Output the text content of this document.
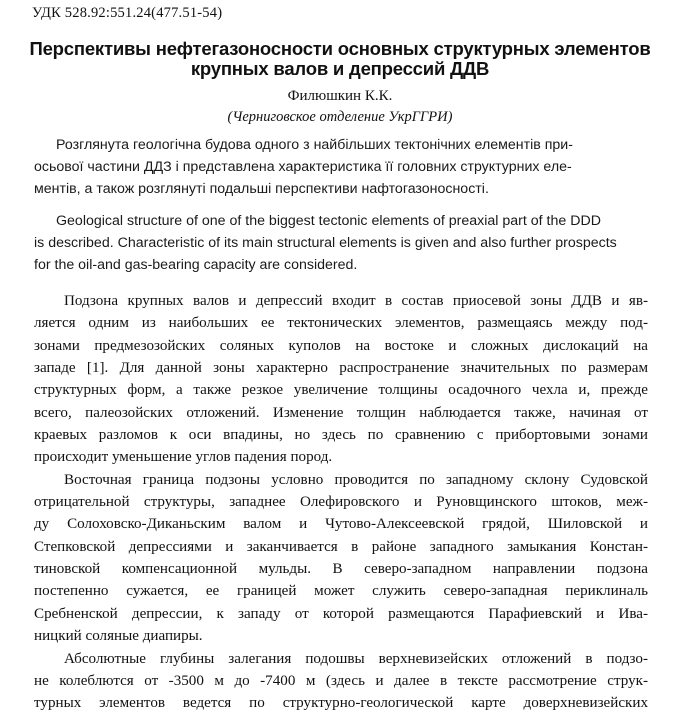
УДК 528.92:551.24(477.51-54)
Перспективы нефтегазоносности основных структурных элементов
крупных валов и депрессий ДДВ
Филюшкин К.К.
(Черниговское отделение УкрГГРИ)
Розглянута геологічна будова одного з найбільших тектонічних елементів при-
осьової частини ДДЗ і представлена характеристика її головних структурних еле-
ментів, а також розглянуті подальші перспективи нафтогазоносності.
Geological structure of one of the biggest tectonic elements of preaxial part of the DDD
is described. Characteristic of its main structural elements is given and also further prospects
for the oil-and gas-bearing capacity are considered.

Подзона крупных валов и депрессий входит в состав приосевой зоны ДДВ и яв-
ляется одним из наибольших ее тектонических элементов, размещаясь между под-
зонами предмезозойских соляных куполов на востоке и сложных дислокаций на
западе [1]. Для данной зоны характерно распространение значительных по размерам
структурных форм, а также резкое увеличение толщины осадочного чехла и, прежде
всего, палеозойских отложений. Изменение толщин наблюдается также, начиная от
краевых разломов к оси впадины, но здесь по сравнению с прибортовыми зонами
происходит уменьшение углов падения пород.

Восточная граница подзоны условно проводится по западному склону Судовской
отрицательной структуры, западнее Олефировского и Руновщинского штоков, меж-
ду Солоховско-Диканьским валом и Чутово-Алексеевской грядой, Шиловской и
Степковской депрессиями и заканчивается в районе западного замыкания Констан-
тиновской компенсационной мульды. В северо-западном направлении подзона
постепенно сужается, ее границей может служить северо-западная периклиналь
Сребненской депрессии, к западу от которой размещаются Парафиевский и Ива-
ницкий соляные диапиры.

Абсолютные глубины залегания подошвы верхневизейских отложений в подзо-
не колеблются от -3500 м до -7400 м (здесь и далее в тексте рассмотрение струк-
турных элементов ведется по структурно-геологической карте доверхневизейских
